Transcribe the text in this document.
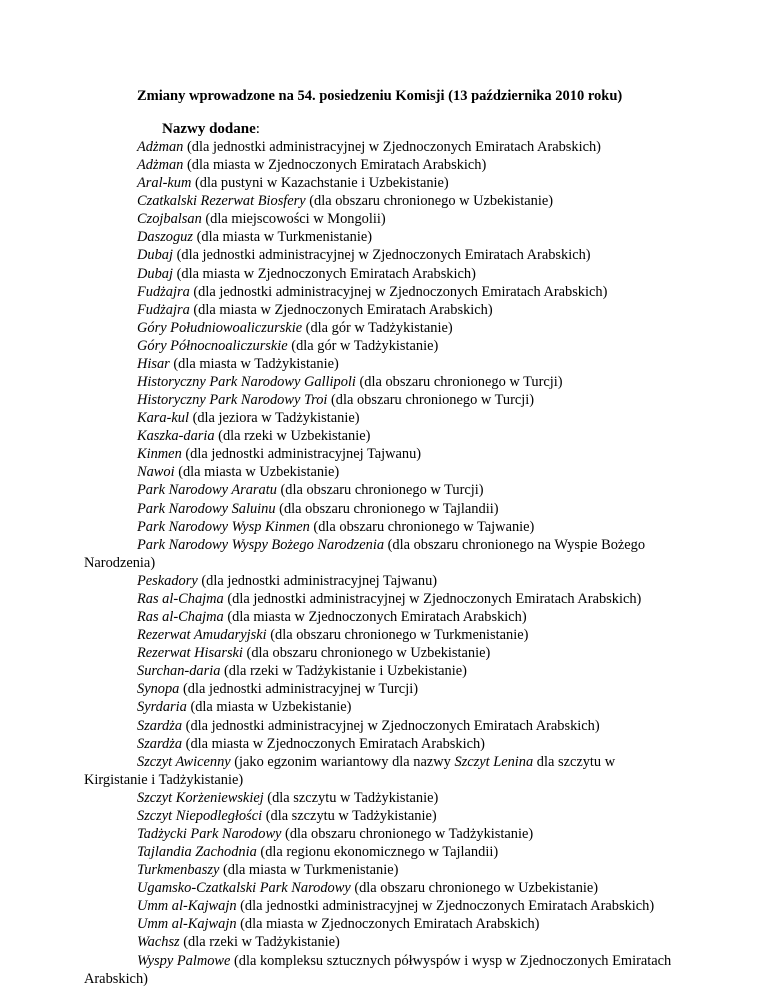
Zmiany wprowadzone na 54. posiedzeniu Komisji (13 października 2010 roku)
Nazwy dodane:
Adżman (dla jednostki administracyjnej w Zjednoczonych Emiratach Arabskich)
Adżman (dla miasta w Zjednoczonych Emiratach Arabskich)
Aral-kum (dla pustyni w Kazachstanie i Uzbekistanie)
Czatkalski Rezerwat Biosfery (dla obszaru chronionego w Uzbekistanie)
Czojbalsan (dla miejscowości w Mongolii)
Daszoguz (dla miasta w Turkmenistanie)
Dubaj (dla jednostki administracyjnej w Zjednoczonych Emiratach Arabskich)
Dubaj (dla miasta w Zjednoczonych Emiratach Arabskich)
Fudżajra (dla jednostki administracyjnej w Zjednoczonych Emiratach Arabskich)
Fudżajra (dla miasta w Zjednoczonych Emiratach Arabskich)
Góry Południowoaliczurskie (dla gór w Tadżykistanie)
Góry Północnoaliczurskie (dla gór w Tadżykistanie)
Hisar (dla miasta w Tadżykistanie)
Historyczny Park Narodowy Gallipoli (dla obszaru chronionego w Turcji)
Historyczny Park Narodowy Troi (dla obszaru chronionego w Turcji)
Kara-kul (dla jeziora w Tadżykistanie)
Kaszka-daria (dla rzeki w Uzbekistanie)
Kinmen (dla jednostki administracyjnej Tajwanu)
Nawoi (dla miasta w Uzbekistanie)
Park Narodowy Araratu (dla obszaru chronionego w Turcji)
Park Narodowy Saluinu (dla obszaru chronionego w Tajlandii)
Park Narodowy Wysp Kinmen (dla obszaru chronionego w Tajwanie)
Park Narodowy Wyspy Bożego Narodzenia (dla obszaru chronionego na Wyspie Bożego Narodzenia)
Peskadory (dla jednostki administracyjnej Tajwanu)
Ras al-Chajma (dla jednostki administracyjnej w Zjednoczonych Emiratach Arabskich)
Ras al-Chajma (dla miasta w Zjednoczonych Emiratach Arabskich)
Rezerwat Amudaryjski (dla obszaru chronionego w Turkmenistanie)
Rezerwat Hisarski (dla obszaru chronionego w Uzbekistanie)
Surchan-daria (dla rzeki w Tadżykistanie i Uzbekistanie)
Synopa (dla jednostki administracyjnej w Turcji)
Syrdaria (dla miasta w Uzbekistanie)
Szardża (dla jednostki administracyjnej w Zjednoczonych Emiratach Arabskich)
Szardża (dla miasta w Zjednoczonych Emiratach Arabskich)
Szczyt Awicenny (jako egzonim wariantowy dla nazwy Szczyt Lenina dla szczytu w Kirgistanie i Tadżykistanie)
Szczyt Korżeniewskiej (dla szczytu w Tadżykistanie)
Szczyt Niepodległości (dla szczytu w Tadżykistanie)
Tadżycki Park Narodowy (dla obszaru chronionego w Tadżykistanie)
Tajlandia Zachodnia (dla regionu ekonomicznego w Tajlandii)
Turkmenbaszy (dla miasta w Turkmenistanie)
Ugamsko-Czatkalski Park Narodowy (dla obszaru chronionego w Uzbekistanie)
Umm al-Kajwajn (dla jednostki administracyjnej w Zjednoczonych Emiratach Arabskich)
Umm al-Kajwajn (dla miasta w Zjednoczonych Emiratach Arabskich)
Wachsz (dla rzeki w Tadżykistanie)
Wyspy Palmowe (dla kompleksu sztucznych półwyspów i wysp w Zjednoczonych Emiratach Arabskich)
